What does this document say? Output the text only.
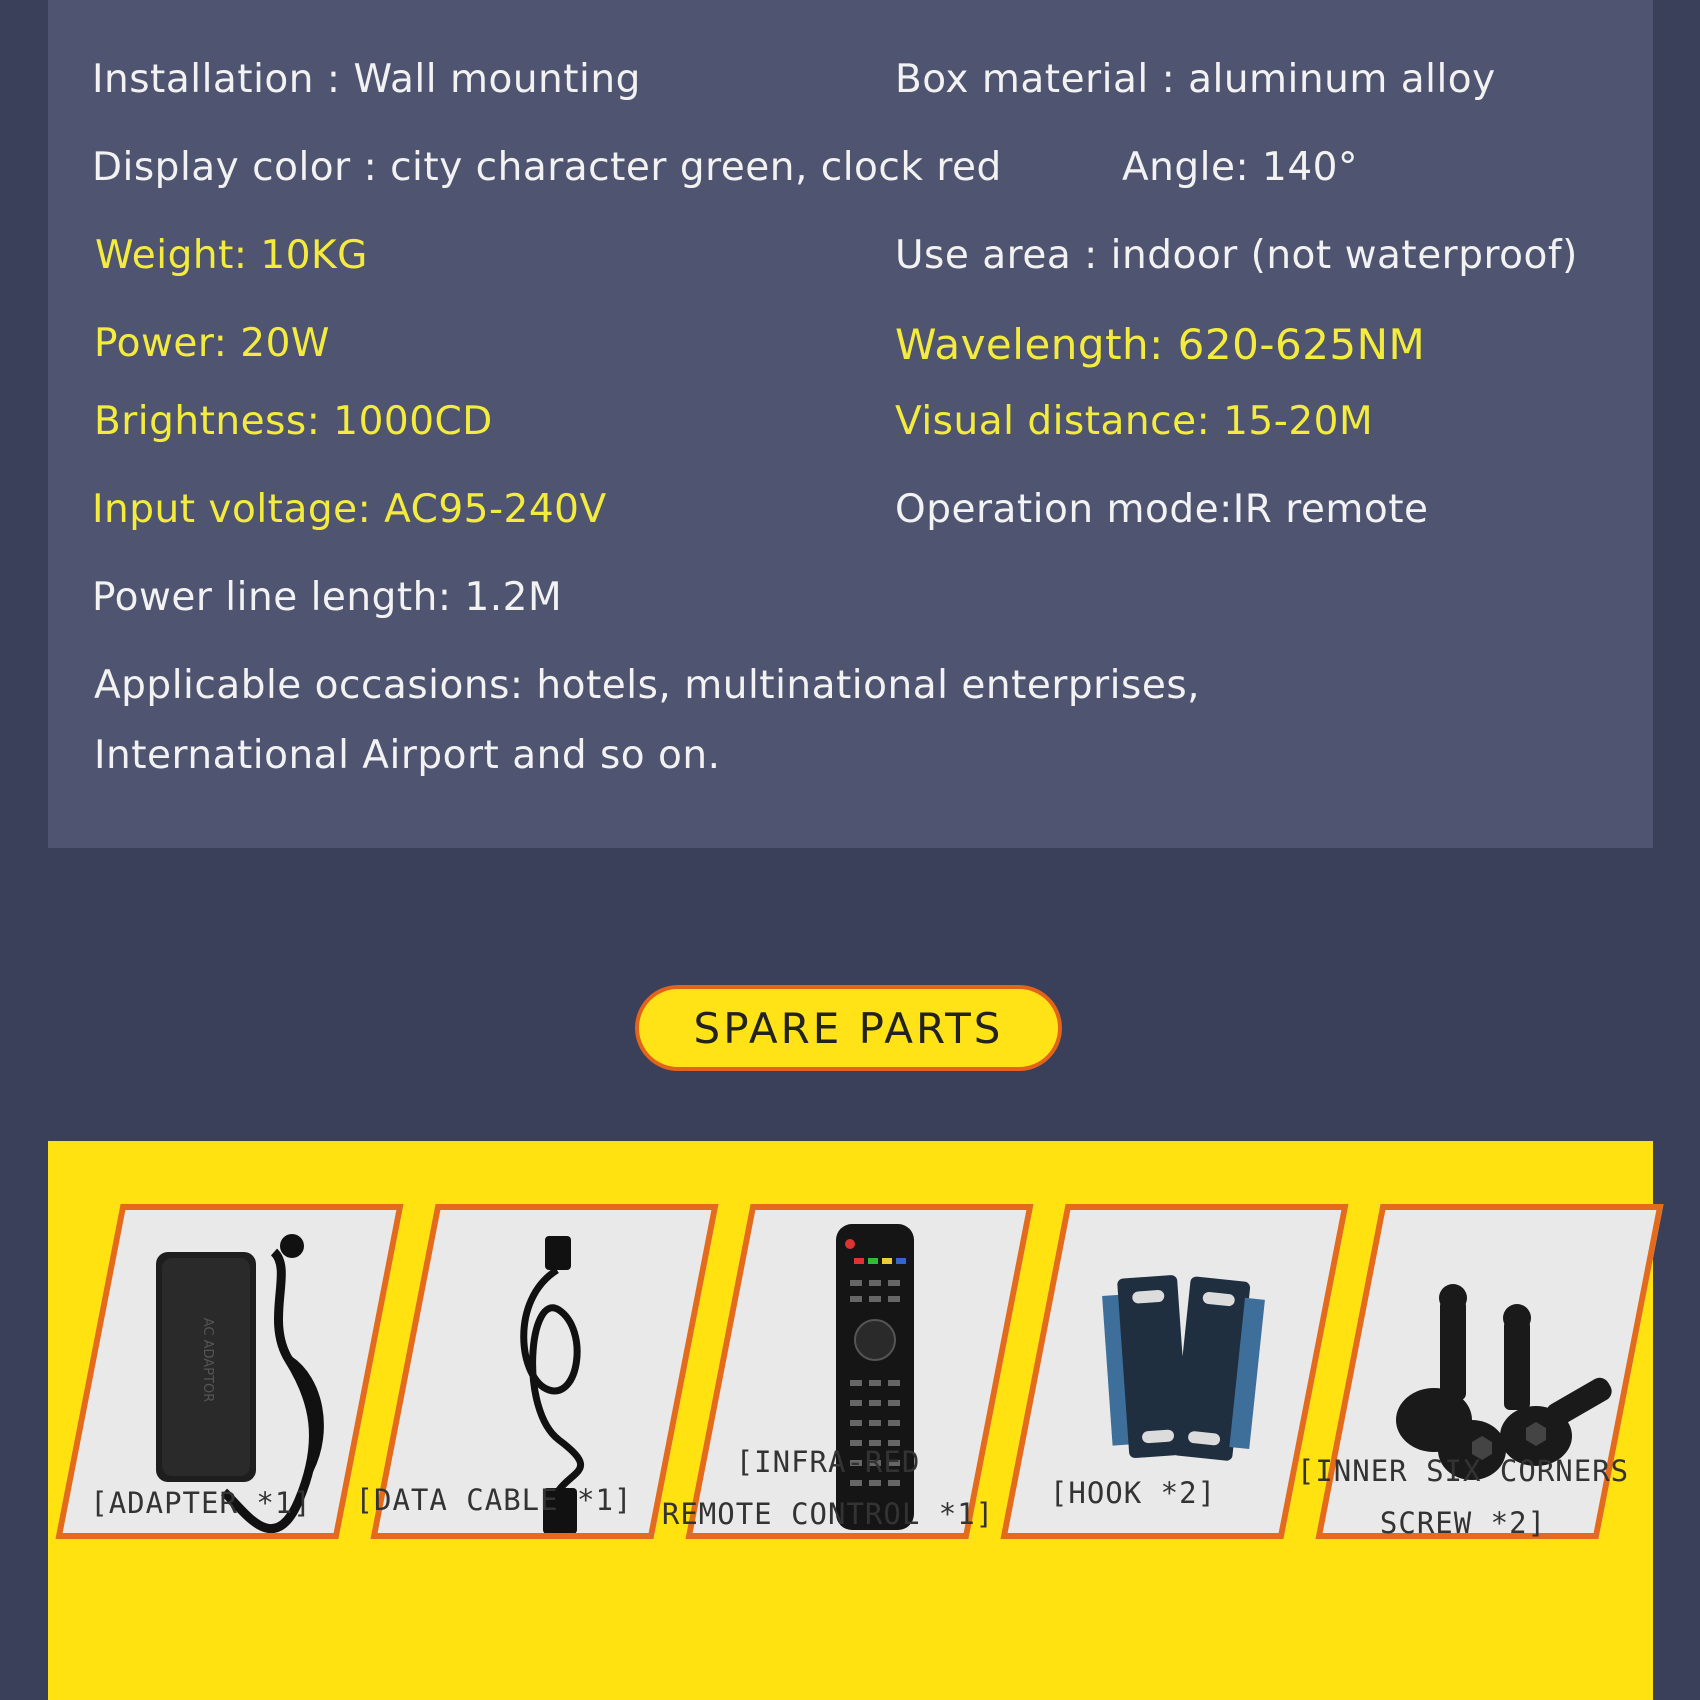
Installation : Wall mounting	Box material : aluminum alloy
Display color : city character green, clock red	Angle: 140°
Weight: 10KG	Use area : indoor (not waterproof)
Power: 20W	Wavelength: 620-625NM
Brightness: 1000CD	Visual distance: 15-20M
Input voltage: AC95-240V	Operation mode:IR remote
Power line length: 1.2M
Applicable occasions: hotels, multinational enterprises,
International Airport and so on.
SPARE PARTS
AC ADAPTOR
[ADAPTER *1]	[DATA CABLE *1]
[INFRA-RED
REMOTE CONTROL *1]
[HOOK *2]
[INNER SIX CORNERS
SCREW *2]
